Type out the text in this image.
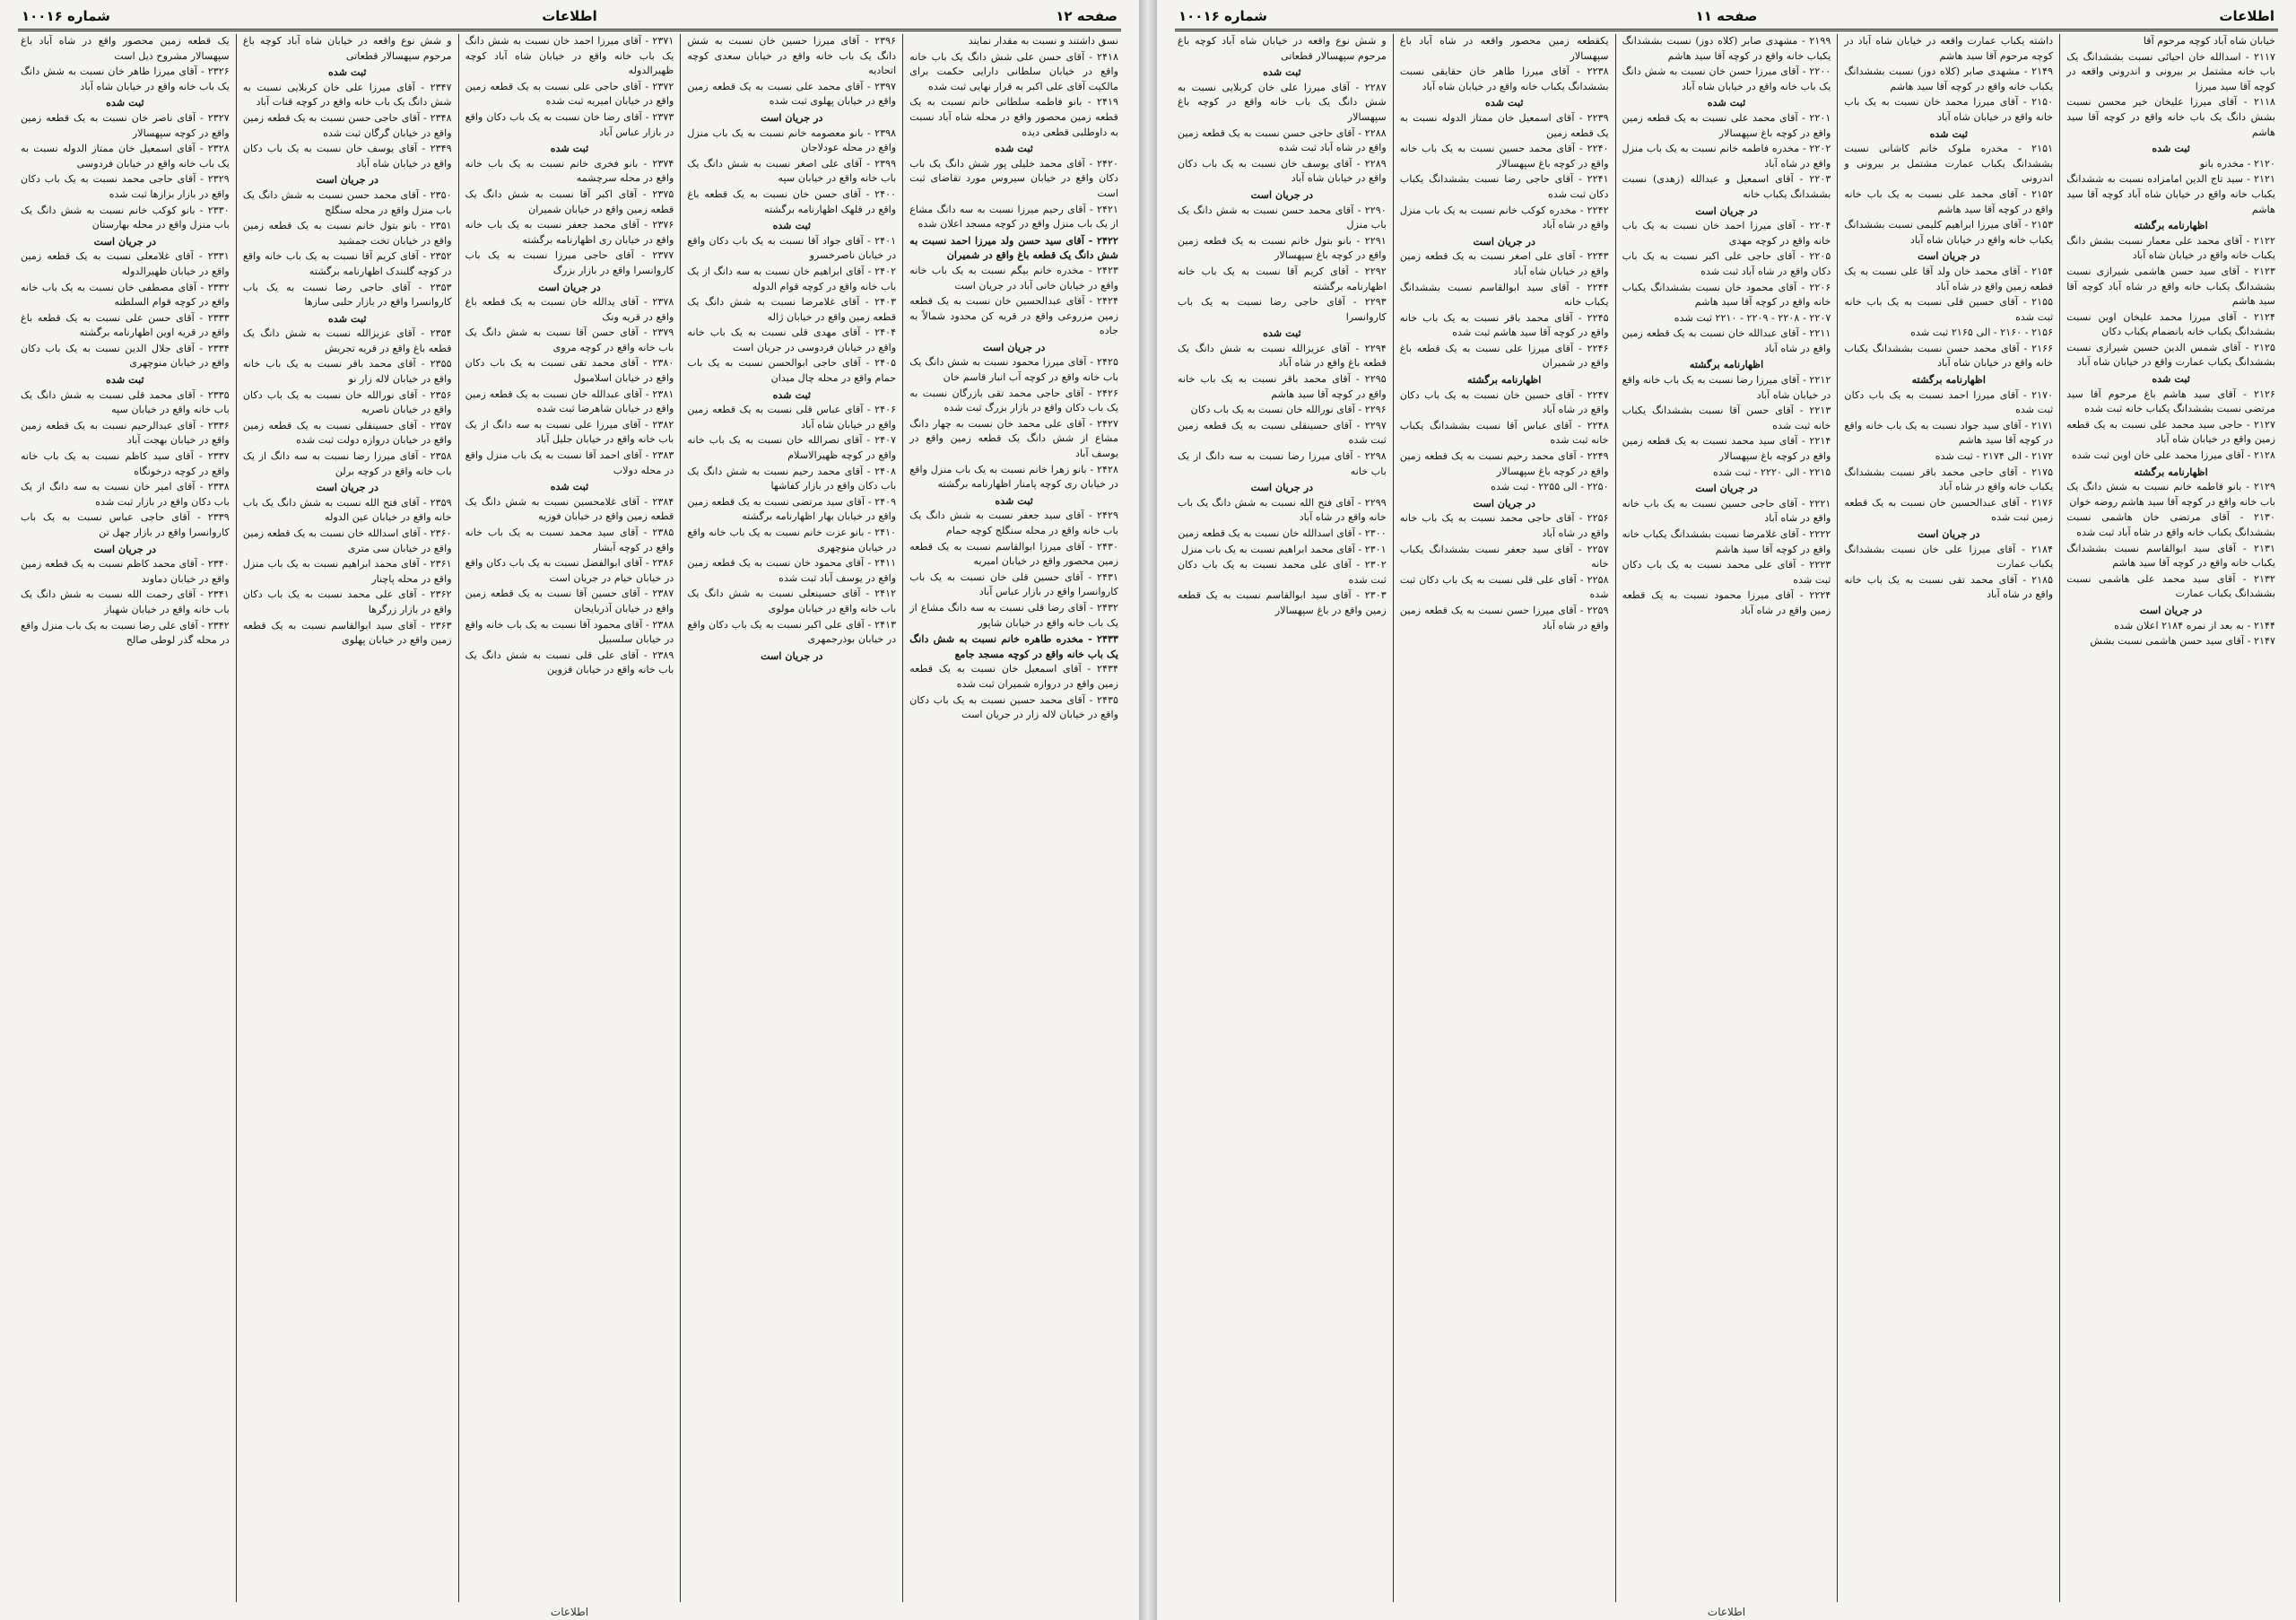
صفحه ۱۲
اطلاعات
شماره ۱۰۰۱۶
نسق داشتند و نسبت به مقدار نمایند
۲۴۱۸ - آقای حسن علی شش دانگ یک باب خانه واقع در خیابان سلطانی دارایی حکمت برای مالکیت آقای علی اکبر به قرار نهایی ثبت شده
۲۴۱۹ - بانو فاطمه سلطانی خانم نسبت به یک قطعه زمین محصور واقع در محله شاه آباد نسبت به داوطلبی قطعی دیده
ثبت شده
۲۴۲۰ - آقای محمد خلیلی پور شش دانگ یک باب دکان واقع در خیابان سیروس مورد تقاضای ثبت است
۲۴۲۱ - آقای رحیم میرزا نسبت به سه دانگ مشاع از یک باب منزل واقع در کوچه مسجد اعلان شده
۲۴۲۲ - آقای سید حسن ولد میرزا احمد نسبت به شش دانگ یک قطعه باغ واقع در شمیران
۲۴۲۳ - مخدره خانم بیگم نسبت به یک باب خانه واقع در خیابان خانی آباد در جریان است
۲۴۲۴ - آقای عبدالحسین خان نسبت به یک قطعه زمین مزروعی واقع در قریه کن محدود شمالاً به جاده
در جریان است
۲۴۲۵ - آقای میرزا محمود نسبت به شش دانگ یک باب خانه واقع در کوچه آب انبار قاسم خان
۲۴۲۶ - آقای حاجی محمد تقی بازرگان نسبت به یک باب دکان واقع در بازار بزرگ ثبت شده
۲۴۲۷ - آقای علی محمد خان نسبت به چهار دانگ مشاع از شش دانگ یک قطعه زمین واقع در یوسف آباد
۲۴۲۸ - بانو زهرا خانم نسبت به یک باب منزل واقع در خیابان ری کوچه پامنار اظهارنامه برگشته
ثبت شده
۲۴۲۹ - آقای سید جعفر نسبت به شش دانگ یک باب خانه واقع در محله سنگلج کوچه حمام
۲۴۳۰ - آقای میرزا ابوالقاسم نسبت به یک قطعه زمین محصور واقع در خیابان امیریه
۲۴۳۱ - آقای حسین قلی خان نسبت به یک باب کاروانسرا واقع در بازار عباس آباد
۲۴۳۲ - آقای رضا قلی نسبت به سه دانگ مشاع از یک باب خانه واقع در خیابان شاپور
۲۴۳۳ - مخدره طاهره خانم نسبت به شش دانگ یک باب خانه واقع در کوچه مسجد جامع
۲۴۳۴ - آقای اسمعیل خان نسبت به یک قطعه زمین واقع در دروازه شمیران ثبت شده
۲۴۳۵ - آقای محمد حسین نسبت به یک باب دکان واقع در خیابان لاله زار در جریان است
۲۳۹۶ - آقای میرزا حسین خان نسبت به شش دانگ یک باب خانه واقع در خیابان سعدی کوچه اتحادیه
۲۳۹۷ - آقای محمد علی نسبت به یک قطعه زمین واقع در خیابان پهلوی ثبت شده
در جریان است
۲۳۹۸ - بانو معصومه خانم نسبت به یک باب منزل واقع در محله عودلاجان
۲۳۹۹ - آقای علی اصغر نسبت به شش دانگ یک باب خانه واقع در خیابان سپه
۲۴۰۰ - آقای حسن خان نسبت به یک قطعه باغ واقع در قلهک اظهارنامه برگشته
ثبت شده
۲۴۰۱ - آقای جواد آقا نسبت به یک باب دکان واقع در خیابان ناصرخسرو
۲۴۰۲ - آقای ابراهیم خان نسبت به سه دانگ از یک باب خانه واقع در کوچه قوام الدوله
۲۴۰۳ - آقای غلامرضا نسبت به شش دانگ یک قطعه زمین واقع در خیابان ژاله
۲۴۰۴ - آقای مهدی قلی نسبت به یک باب خانه واقع در خیابان فردوسی در جریان است
۲۴۰۵ - آقای حاجی ابوالحسن نسبت به یک باب حمام واقع در محله چال میدان
ثبت شده
۲۴۰۶ - آقای عباس قلی نسبت به یک قطعه زمین واقع در خیابان شاه آباد
۲۴۰۷ - آقای نصرالله خان نسبت به یک باب خانه واقع در کوچه ظهیرالاسلام
۲۴۰۸ - آقای محمد رحیم نسبت به شش دانگ یک باب دکان واقع در بازار کفاشها
۲۴۰۹ - آقای سید مرتضی نسبت به یک قطعه زمین واقع در خیابان بهار اظهارنامه برگشته
۲۴۱۰ - بانو عزت خانم نسبت به یک باب خانه واقع در خیابان منوچهری
۲۴۱۱ - آقای محمود خان نسبت به یک قطعه زمین واقع در یوسف آباد ثبت شده
۲۴۱۲ - آقای حسینعلی نسبت به شش دانگ یک باب خانه واقع در خیابان مولوی
۲۴۱۳ - آقای علی اکبر نسبت به یک باب دکان واقع در خیابان بوذرجمهری
در جریان است
۲۳۷۱ - آقای میرزا احمد خان نسبت به شش دانگ یک باب خانه واقع در خیابان شاه آباد کوچه ظهیرالدوله
۲۳۷۲ - آقای حاجی علی نسبت به یک قطعه زمین واقع در خیابان امیریه ثبت شده
۲۳۷۳ - آقای رضا خان نسبت به یک باب دکان واقع در بازار عباس آباد
ثبت شده
۲۳۷۴ - بانو فخری خانم نسبت به یک باب خانه واقع در محله سرچشمه
۲۳۷۵ - آقای اکبر آقا نسبت به شش دانگ یک قطعه زمین واقع در خیابان شمیران
۲۳۷۶ - آقای محمد جعفر نسبت به یک باب خانه واقع در خیابان ری اظهارنامه برگشته
۲۳۷۷ - آقای حاجی میرزا نسبت به یک باب کاروانسرا واقع در بازار بزرگ
در جریان است
۲۳۷۸ - آقای یدالله خان نسبت به یک قطعه باغ واقع در قریه ونک
۲۳۷۹ - آقای حسن آقا نسبت به شش دانگ یک باب خانه واقع در کوچه مروی
۲۳۸۰ - آقای محمد تقی نسبت به یک باب دکان واقع در خیابان اسلامبول
۲۳۸۱ - آقای عبدالله خان نسبت به یک قطعه زمین واقع در خیابان شاهرضا ثبت شده
۲۳۸۲ - آقای میرزا علی نسبت به سه دانگ از یک باب خانه واقع در خیابان جلیل آباد
۲۳۸۳ - آقای احمد آقا نسبت به یک باب منزل واقع در محله دولاب
ثبت شده
۲۳۸۴ - آقای غلامحسین نسبت به شش دانگ یک قطعه زمین واقع در خیابان فوزیه
۲۳۸۵ - آقای سید محمد نسبت به یک باب خانه واقع در کوچه آبشار
۲۳۸۶ - آقای ابوالفضل نسبت به یک باب دکان واقع در خیابان خیام در جریان است
۲۳۸۷ - آقای حسین آقا نسبت به یک قطعه زمین واقع در خیابان آذربایجان
۲۳۸۸ - آقای محمود آقا نسبت به یک باب خانه واقع در خیابان سلسبیل
۲۳۸۹ - آقای علی قلی نسبت به شش دانگ یک باب خانه واقع در خیابان قزوین
و شش نوع واقعه در خیابان شاه آباد کوچه باغ مرحوم سپهسالار قطعاتی
ثبت شده
۲۳۴۷ - آقای میرزا علی خان کربلایی نسبت به شش دانگ یک باب خانه واقع در کوچه قنات آباد
۲۳۴۸ - آقای حاجی حسن نسبت به یک قطعه زمین واقع در خیابان گرگان ثبت شده
۲۳۴۹ - آقای یوسف خان نسبت به یک باب دکان واقع در خیابان شاه آباد
در جریان است
۲۳۵۰ - آقای محمد حسن نسبت به شش دانگ یک باب منزل واقع در محله سنگلج
۲۳۵۱ - بانو بتول خانم نسبت به یک قطعه زمین واقع در خیابان تخت جمشید
۲۳۵۲ - آقای کریم آقا نسبت به یک باب خانه واقع در کوچه گلبندک اظهارنامه برگشته
۲۳۵۳ - آقای حاجی رضا نسبت به یک باب کاروانسرا واقع در بازار حلبی سازها
ثبت شده
۲۳۵۴ - آقای عزیزالله نسبت به شش دانگ یک قطعه باغ واقع در قریه تجریش
۲۳۵۵ - آقای محمد باقر نسبت به یک باب خانه واقع در خیابان لاله زار نو
۲۳۵۶ - آقای نورالله خان نسبت به یک باب دکان واقع در خیابان ناصریه
۲۳۵۷ - آقای حسینقلی نسبت به یک قطعه زمین واقع در خیابان دروازه دولت ثبت شده
۲۳۵۸ - آقای میرزا رضا نسبت به سه دانگ از یک باب خانه واقع در کوچه برلن
در جریان است
۲۳۵۹ - آقای فتح الله نسبت به شش دانگ یک باب خانه واقع در خیابان عین الدوله
۲۳۶۰ - آقای اسدالله خان نسبت به یک قطعه زمین واقع در خیابان سی متری
۲۳۶۱ - آقای محمد ابراهیم نسبت به یک باب منزل واقع در محله پاچنار
۲۳۶۲ - آقای علی محمد نسبت به یک باب دکان واقع در بازار زرگرها
۲۳۶۳ - آقای سید ابوالقاسم نسبت به یک قطعه زمین واقع در خیابان پهلوی
یک قطعه زمین محصور واقع در شاه آباد باغ سپهسالار مشروح ذیل است
۲۳۲۶ - آقای میرزا طاهر خان نسبت به شش دانگ یک باب خانه واقع در خیابان شاه آباد
ثبت شده
۲۳۲۷ - آقای ناصر خان نسبت به یک قطعه زمین واقع در کوچه سپهسالار
۲۳۲۸ - آقای اسمعیل خان ممتاز الدوله نسبت به یک باب خانه واقع در خیابان فردوسی
۲۳۲۹ - آقای حاجی محمد نسبت به یک باب دکان واقع در بازار بزازها ثبت شده
۲۳۳۰ - بانو کوکب خانم نسبت به شش دانگ یک باب منزل واقع در محله بهارستان
در جریان است
۲۳۳۱ - آقای غلامعلی نسبت به یک قطعه زمین واقع در خیابان ظهیرالدوله
۲۳۳۲ - آقای مصطفی خان نسبت به یک باب خانه واقع در کوچه قوام السلطنه
۲۳۳۳ - آقای حسن علی نسبت به یک قطعه باغ واقع در قریه اوین اظهارنامه برگشته
۲۳۳۴ - آقای جلال الدین نسبت به یک باب دکان واقع در خیابان منوچهری
ثبت شده
۲۳۳۵ - آقای محمد قلی نسبت به شش دانگ یک باب خانه واقع در خیابان سپه
۲۳۳۶ - آقای عبدالرحیم نسبت به یک قطعه زمین واقع در خیابان بهجت آباد
۲۳۳۷ - آقای سید کاظم نسبت به یک باب خانه واقع در کوچه درخونگاه
۲۳۳۸ - آقای امیر خان نسبت به سه دانگ از یک باب دکان واقع در بازار ثبت شده
۲۳۳۹ - آقای حاجی عباس نسبت به یک باب کاروانسرا واقع در بازار چهل تن
در جریان است
۲۳۴۰ - آقای محمد کاظم نسبت به یک قطعه زمین واقع در خیابان دماوند
۲۳۴۱ - آقای رحمت الله نسبت به شش دانگ یک باب خانه واقع در خیابان شهباز
۲۳۴۲ - آقای علی رضا نسبت به یک باب منزل واقع در محله گذر لوطی صالح
اطلاعات
اطلاعات
صفحه ۱۱
شماره ۱۰۰۱۶
خیابان شاه آباد کوچه مرحوم آقا
۲۱۱۷ - اسدالله خان احیائی نسبت بششدانگ یک باب خانه مشتمل بر بیرونی و اندرونی واقعه در کوچه آقا سید میرزا
۲۱۱۸ - آقای میرزا علیخان خیر محسن نسبت بشش دانگ یک باب خانه واقع در کوچه آقا سید هاشم
ثبت شده
۲۱۲۰ - مخدره بانو
۲۱۲۱ - سید تاج الدین امامزاده نسبت به ششدانگ یکباب خانه واقع در خیابان شاه آباد کوچه آقا سید هاشم
اظهارنامه برگشته
۲۱۲۲ - آقای محمد علی معمار نسبت بشش دانگ یکباب خانه واقع در خیابان شاه آباد
۲۱۲۳ - آقای سید حسن هاشمی شیرازی نسبت بششدانگ یکباب خانه واقع در شاه آباد کوچه آقا سید هاشم
۲۱۲۴ - آقای میرزا محمد علیخان اوین نسبت بششدانگ یکباب خانه بانضمام یکباب دکان
۲۱۲۵ - آقای شمس الدین حسین شیرازی نسبت بششدانگ یکباب عمارت واقع در خیابان شاه آباد
ثبت شده
۲۱۲۶ - آقای سید هاشم باغ مرحوم آقا سید مرتضی نسبت بششدانگ یکباب خانه ثبت شده
۲۱۲۷ - حاجی سید محمد علی نسبت به یک قطعه زمین واقع در خیابان شاه آباد
۲۱۲۸ - آقای میرزا محمد علی خان اوین ثبت شده
اظهارنامه برگشته
۲۱۲۹ - بانو فاطمه خانم نسبت به شش دانگ یک باب خانه واقع در کوچه آقا سید هاشم روضه خوان
۲۱۳۰ - آقای مرتضی خان هاشمی نسبت بششدانگ یکباب خانه واقع در شاه آباد ثبت شده
۲۱۳۱ - آقای سید ابوالقاسم نسبت بششدانگ یکباب خانه واقع در کوچه آقا سید هاشم
۲۱۳۲ - آقای سید محمد علی هاشمی نسبت بششدانگ یکباب عمارت
در جریان است
۲۱۴۴ - به بعد از نمره ۲۱۸۴ اعلان شده
۲۱۴۷ - آقای سید حسن هاشمی نسبت بشش
داشته یکباب عمارت واقعه در خیابان شاه آباد در کوچه مرحوم آقا سید هاشم
۲۱۴۹ - مشهدی صابر (کلاه دوز) نسبت بششدانگ یکباب خانه واقع در کوچه آقا سید هاشم
۲۱۵۰ - آقای میرزا محمد خان نسبت به یک باب خانه واقع در خیابان شاه آباد
ثبت شده
۲۱۵۱ - مخدره ملوک خانم کاشانی نسبت بششدانگ یکباب عمارت مشتمل بر بیرونی و اندرونی
۲۱۵۲ - آقای محمد علی نسبت به یک باب خانه واقع در کوچه آقا سید هاشم
۲۱۵۳ - آقای میرزا ابراهیم کلیمی نسبت بششدانگ یکباب خانه واقع در خیابان شاه آباد
در جریان است
۲۱۵۴ - آقای محمد خان ولد آقا علی نسبت به یک قطعه زمین واقع در شاه آباد
۲۱۵۵ - آقای حسین قلی نسبت به یک باب خانه ثبت شده
۲۱۵۶ - ۲۱۶۰ - الی ۲۱۶۵ ثبت شده
۲۱۶۶ - آقای محمد حسن نسبت بششدانگ یکباب خانه واقع در خیابان شاه آباد
اظهارنامه برگشته
۲۱۷۰ - آقای میرزا احمد نسبت به یک باب دکان ثبت شده
۲۱۷۱ - آقای سید جواد نسبت به یک باب خانه واقع در کوچه آقا سید هاشم
۲۱۷۲ - الی ۲۱۷۴ - ثبت شده
۲۱۷۵ - آقای حاجی محمد باقر نسبت بششدانگ یکباب خانه واقع در شاه آباد
۲۱۷۶ - آقای عبدالحسین خان نسبت به یک قطعه زمین ثبت شده
در جریان است
۲۱۸۴ - آقای میرزا علی خان نسبت بششدانگ یکباب عمارت
۲۱۸۵ - آقای محمد تقی نسبت به یک باب خانه واقع در شاه آباد
۲۱۹۹ - مشهدی صابر (کلاه دوز) نسبت بششدانگ یکباب خانه واقع در کوچه آقا سید هاشم
۲۲۰۰ - آقای میرزا حسن خان نسبت به شش دانگ یک باب خانه واقع در خیابان شاه آباد
ثبت شده
۲۲۰۱ - آقای محمد علی نسبت به یک قطعه زمین واقع در کوچه باغ سپهسالار
۲۲۰۲ - مخدره فاطمه خانم نسبت به یک باب منزل واقع در شاه آباد
۲۲۰۳ - آقای اسمعیل و عبدالله (زهدی) نسبت بششدانگ یکباب خانه
در جریان است
۲۲۰۴ - آقای میرزا احمد خان نسبت به یک باب خانه واقع در کوچه مهدی
۲۲۰۵ - آقای حاجی علی اکبر نسبت به یک باب دکان واقع در شاه آباد ثبت شده
۲۲۰۶ - آقای محمود خان نسبت بششدانگ یکباب خانه واقع در کوچه آقا سید هاشم
۲۲۰۷ - ۲۲۰۸ - ۲۲۰۹ - ۲۲۱۰ ثبت شده
۲۲۱۱ - آقای عبدالله خان نسبت به یک قطعه زمین واقع در شاه آباد
اظهارنامه برگشته
۲۲۱۲ - آقای میرزا رضا نسبت به یک باب خانه واقع در خیابان شاه آباد
۲۲۱۳ - آقای حسن آقا نسبت بششدانگ یکباب خانه ثبت شده
۲۲۱۴ - آقای سید محمد نسبت به یک قطعه زمین واقع در کوچه باغ سپهسالار
۲۲۱۵ - الی ۲۲۲۰ - ثبت شده
در جریان است
۲۲۲۱ - آقای حاجی حسین نسبت به یک باب خانه واقع در شاه آباد
۲۲۲۲ - آقای غلامرضا نسبت بششدانگ یکباب خانه واقع در کوچه آقا سید هاشم
۲۲۲۳ - آقای علی محمد نسبت به یک باب دکان ثبت شده
۲۲۲۴ - آقای میرزا محمود نسبت به یک قطعه زمین واقع در شاه آباد
یکقطعه زمین محصور واقعه در شاه آباد باغ سپهسالار
۲۲۳۸ - آقای میرزا طاهر خان حقایقی نسبت بششدانگ یکباب خانه واقع در خیابان شاه آباد
ثبت شده
۲۲۳۹ - آقای اسمعیل خان ممتاز الدوله نسبت به یک قطعه زمین
۲۲۴۰ - آقای محمد حسین نسبت به یک باب خانه واقع در کوچه باغ سپهسالار
۲۲۴۱ - آقای حاجی رضا نسبت بششدانگ یکباب دکان ثبت شده
۲۲۴۲ - مخدره کوکب خانم نسبت به یک باب منزل واقع در شاه آباد
در جریان است
۲۲۴۳ - آقای علی اصغر نسبت به یک قطعه زمین واقع در خیابان شاه آباد
۲۲۴۴ - آقای سید ابوالقاسم نسبت بششدانگ یکباب خانه
۲۲۴۵ - آقای محمد باقر نسبت به یک باب خانه واقع در کوچه آقا سید هاشم ثبت شده
۲۲۴۶ - آقای میرزا علی نسبت به یک قطعه باغ واقع در شمیران
اظهارنامه برگشته
۲۲۴۷ - آقای حسین خان نسبت به یک باب دکان واقع در شاه آباد
۲۲۴۸ - آقای عباس آقا نسبت بششدانگ یکباب خانه ثبت شده
۲۲۴۹ - آقای محمد رحیم نسبت به یک قطعه زمین واقع در کوچه باغ سپهسالار
۲۲۵۰ - الی ۲۲۵۵ - ثبت شده
در جریان است
۲۲۵۶ - آقای حاجی محمد نسبت به یک باب خانه واقع در شاه آباد
۲۲۵۷ - آقای سید جعفر نسبت بششدانگ یکباب خانه
۲۲۵۸ - آقای علی قلی نسبت به یک باب دکان ثبت شده
۲۲۵۹ - آقای میرزا حسن نسبت به یک قطعه زمین واقع در شاه آباد
و شش نوع واقعه در خیابان شاه آباد کوچه باغ مرحوم سپهسالار قطعاتی
ثبت شده
۲۲۸۷ - آقای میرزا علی خان کربلایی نسبت به شش دانگ یک باب خانه واقع در کوچه باغ سپهسالار
۲۲۸۸ - آقای حاجی حسن نسبت به یک قطعه زمین واقع در شاه آباد ثبت شده
۲۲۸۹ - آقای یوسف خان نسبت به یک باب دکان واقع در خیابان شاه آباد
در جریان است
۲۲۹۰ - آقای محمد حسن نسبت به شش دانگ یک باب منزل
۲۲۹۱ - بانو بتول خانم نسبت به یک قطعه زمین واقع در کوچه باغ سپهسالار
۲۲۹۲ - آقای کریم آقا نسبت به یک باب خانه اظهارنامه برگشته
۲۲۹۳ - آقای حاجی رضا نسبت به یک باب کاروانسرا
ثبت شده
۲۲۹۴ - آقای عزیزالله نسبت به شش دانگ یک قطعه باغ واقع در شاه آباد
۲۲۹۵ - آقای محمد باقر نسبت به یک باب خانه واقع در کوچه آقا سید هاشم
۲۲۹۶ - آقای نورالله خان نسبت به یک باب دکان
۲۲۹۷ - آقای حسینقلی نسبت به یک قطعه زمین ثبت شده
۲۲۹۸ - آقای میرزا رضا نسبت به سه دانگ از یک باب خانه
در جریان است
۲۲۹۹ - آقای فتح الله نسبت به شش دانگ یک باب خانه واقع در شاه آباد
۲۳۰۰ - آقای اسدالله خان نسبت به یک قطعه زمین
۲۳۰۱ - آقای محمد ابراهیم نسبت به یک باب منزل
۲۳۰۲ - آقای علی محمد نسبت به یک باب دکان ثبت شده
۲۳۰۳ - آقای سید ابوالقاسم نسبت به یک قطعه زمین واقع در باغ سپهسالار
اطلاعات
